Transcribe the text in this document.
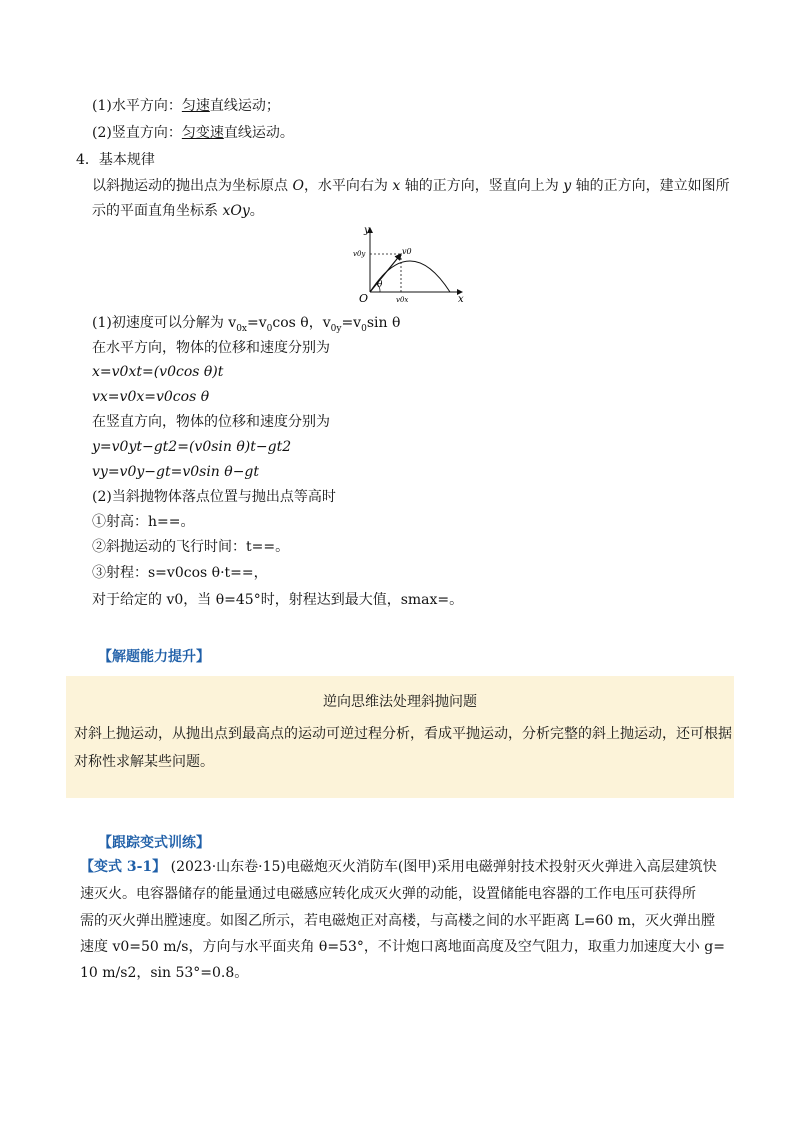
(1)水平方向：匀速直线运动；
(2)竖直方向：匀变速直线运动。
4．基本规律
以斜抛运动的抛出点为坐标原点 O，水平向右为 x 轴的正方向，竖直向上为 y 轴的正方向，建立如图所
示的平面直角坐标系 xOy。
y
x
O
v0
v0y
v0x
θ
(1)初速度可以分解为 $v_{0x}=v_0\cos$ θ，$v_{0y}=v_0\sin$ θ
在水平方向，物体的位移和速度分别为
x=v0xt=(v0cos θ)t
vx=v0x=v0cos θ
在竖直方向，物体的位移和速度分别为
y=v0yt−gt2=(v0sin θ)t−gt2
vy=v0y−gt=v0sin θ−gt
(2)当斜抛物体落点位置与抛出点等高时
①射高：h==。
②斜抛运动的飞行时间：t==。
③射程：s=v0cos θ·t==，
对于给定的 v0，当 θ=45°时，射程达到最大值，smax=。
【解题能力提升】
逆向思维法处理斜抛问题
对斜上抛运动，从抛出点到最高点的运动可逆过程分析，看成平抛运动，分析完整的斜上抛运动，还可根据对称性求解某些问题。
【跟踪变式训练】
【变式 3-1】 (2023·山东卷·15)电磁炮灭火消防车(图甲)采用电磁弹射技术投射灭火弹进入高层建筑快
速灭火。电容器储存的能量通过电磁感应转化成灭火弹的动能，设置储能电容器的工作电压可获得所
需的灭火弹出膛速度。如图乙所示，若电磁炮正对高楼，与高楼之间的水平距离 L=60 m，灭火弹出膛
速度 v0=50 m/s，方向与水平面夹角 θ=53°，不计炮口离地面高度及空气阻力，取重力加速度大小 g=
10 m/s2，sin 53°=0.8。
